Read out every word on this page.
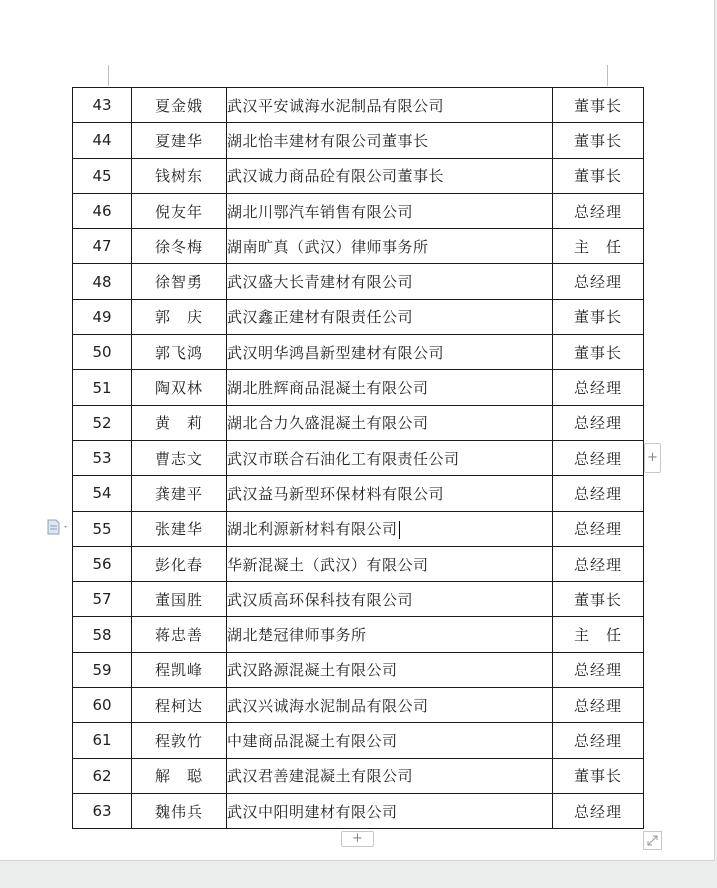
43	夏金娥	武汉平安诚海水泥制品有限公司	董事长
44	夏建华	湖北怡丰建材有限公司董事长	董事长
45	钱树东	武汉诚力商品砼有限公司董事长	董事长
46	倪友年	湖北川鄂汽车销售有限公司	总经理
47	徐冬梅	湖南旷真（武汉）律师事务所	主　任
48	徐智勇	武汉盛大长青建材有限公司	总经理
49	郭　庆	武汉鑫正建材有限责任公司	董事长
50	郭飞鸿	武汉明华鸿昌新型建材有限公司	董事长
51	陶双林	湖北胜辉商品混凝土有限公司	总经理
52	黄　莉	湖北合力久盛混凝土有限公司	总经理
53	曹志文	武汉市联合石油化工有限责任公司	总经理
54	龚建平	武汉益马新型环保材料有限公司	总经理
55	张建华	湖北利源新材料有限公司	总经理
56	彭化春	华新混凝土（武汉）有限公司	总经理
57	董国胜	武汉质高环保科技有限公司	董事长
58	蒋忠善	湖北楚冠律师事务所	主　任
59	程凯峰	武汉路源混凝土有限公司	总经理
60	程柯达	武汉兴诚海水泥制品有限公司	总经理
61	程敦竹	中建商品混凝土有限公司	总经理
62	解　聪	武汉君善建混凝土有限公司	董事长
63	魏伟兵	武汉中阳明建材有限公司	总经理
+
+
